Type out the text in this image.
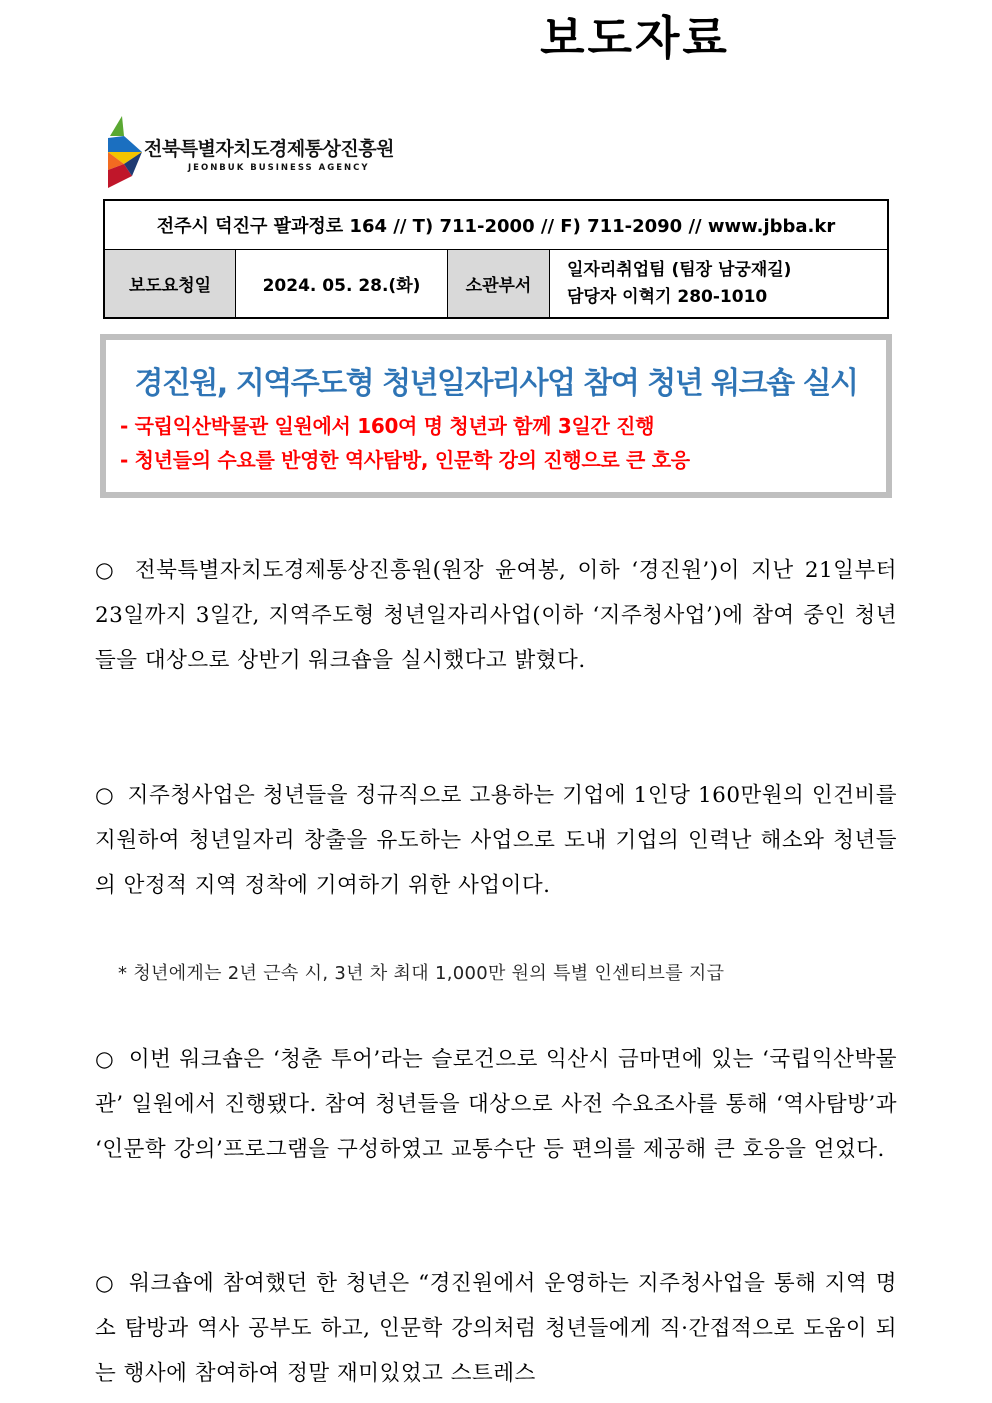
보도자료
전북특별자치도경제통상진흥원
JEONBUK BUSINESS AGENCY
전주시 덕진구 팔과정로 164 // T) 711-2000 // F) 711-2090 // www.jbba.kr
보도요청일	2024. 05. 28.(화)	소관부서
일자리취업팀 (팀장 남궁재길)
담당자 이혁기 280-1010
경진원, 지역주도형 청년일자리사업 참여 청년 워크숍 실시
- 국립익산박물관 일원에서 160여 명 청년과 함께 3일간 진행
- 청년들의 수요를 반영한 역사탐방, 인문학 강의 진행으로 큰 호응
○ 전북특별자치도경제통상진흥원(원장 윤여봉, 이하 ‘경진원’)이 지난 21일부터 23일까지 3일간, 지역주도형 청년일자리사업(이하 ‘지주청사업’)에 참여 중인 청년들을 대상으로 상반기 워크숍을 실시했다고 밝혔다.
○ 지주청사업은 청년들을 정규직으로 고용하는 기업에 1인당 160만원의 인건비를 지원하여 청년일자리 창출을 유도하는 사업으로 도내 기업의 인력난 해소와 청년들의 안정적 지역 정착에 기여하기 위한 사업이다.
* 청년에게는 2년 근속 시, 3년 차 최대 1,000만 원의 특별 인센티브를 지급
○ 이번 워크숍은 ‘청춘 투어’라는 슬로건으로 익산시 금마면에 있는 ‘국립익산박물관’ 일원에서 진행됐다. 참여 청년들을 대상으로 사전 수요조사를 통해 ‘역사탐방’과 ‘인문학 강의’프로그램을 구성하였고 교통수단 등 편의를 제공해 큰 호응을 얻었다.
○ 워크숍에 참여했던 한 청년은 “경진원에서 운영하는 지주청사업을 통해 지역 명소 탐방과 역사 공부도 하고, 인문학 강의처럼 청년들에게 직·간접적으로 도움이 되는 행사에 참여하여 정말 재미있었고 스트레스
